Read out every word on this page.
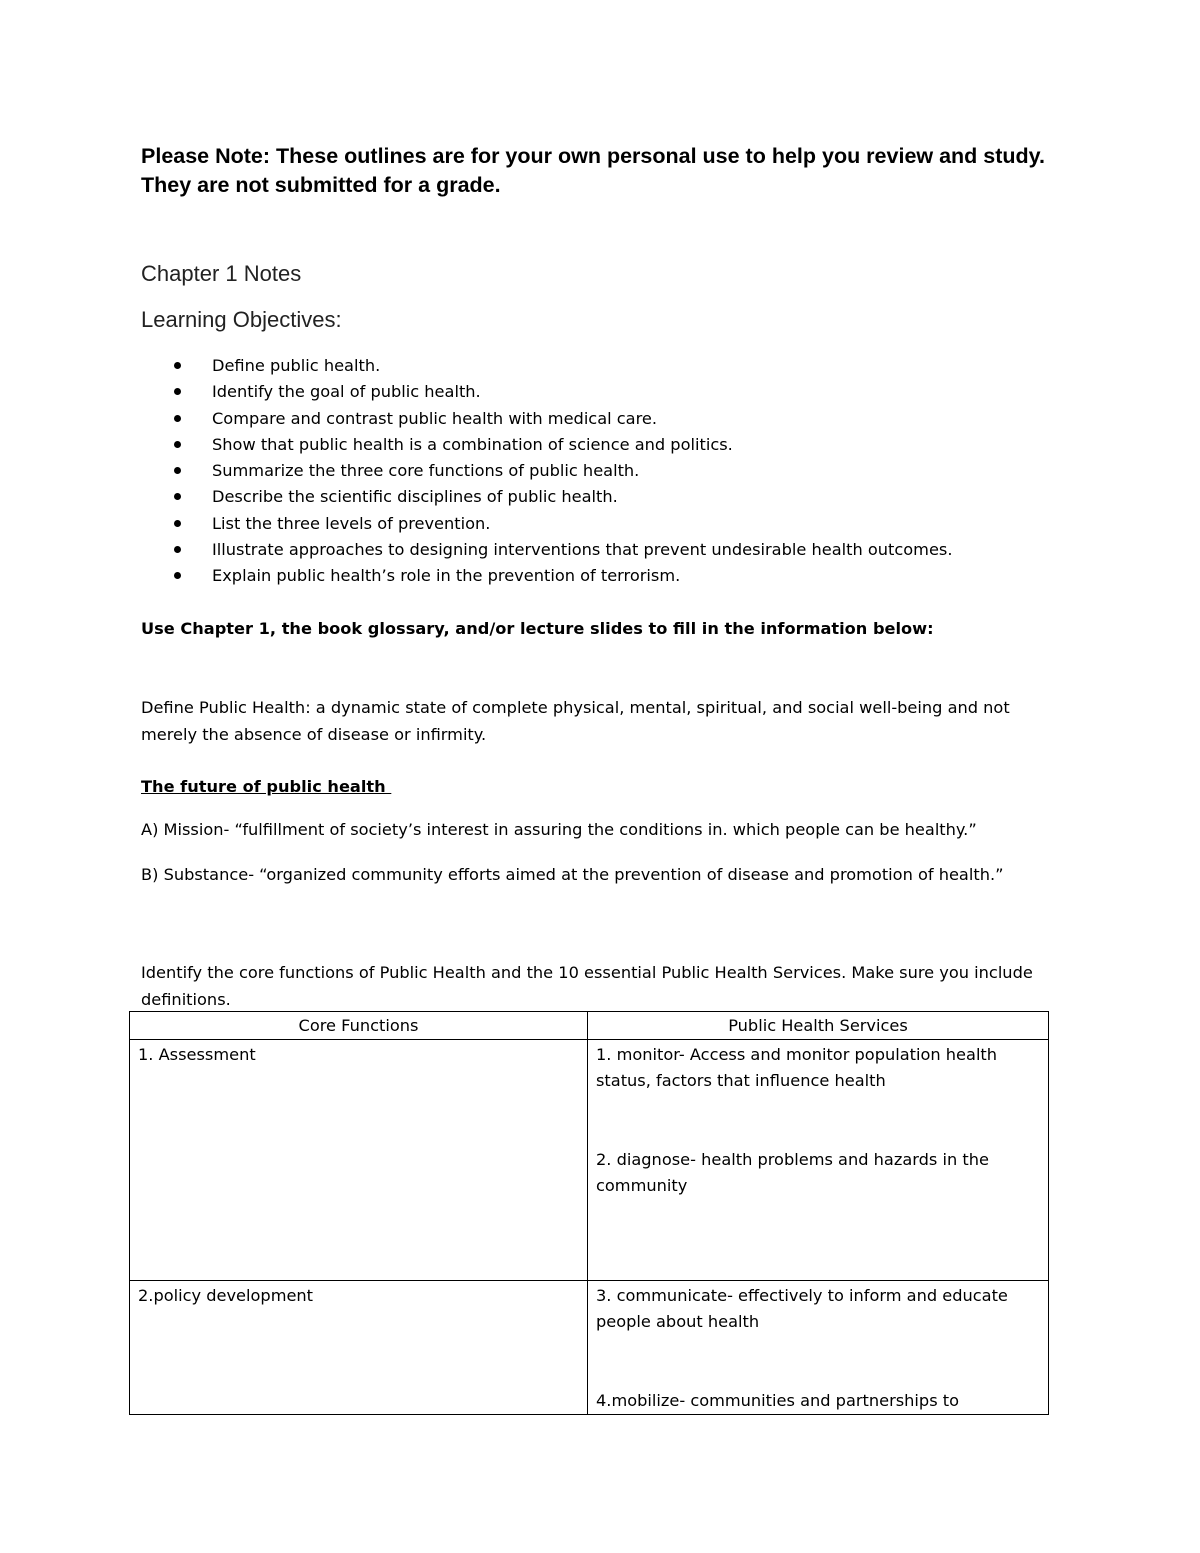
Please Note: These outlines are for your own personal use to help you review and study. They are not submitted for a grade.
Chapter 1 Notes
Learning Objectives:
Define public health.
Identify the goal of public health.
Compare and contrast public health with medical care.
Show that public health is a combination of science and politics.
Summarize the three core functions of public health.
Describe the scientific disciplines of public health.
List the three levels of prevention.
Illustrate approaches to designing interventions that prevent undesirable health outcomes.
Explain public health’s role in the prevention of terrorism.
Use Chapter 1, the book glossary, and/or lecture slides to fill in the information below:
Define Public Health: a dynamic state of complete physical, mental, spiritual, and social well-being and not merely the absence of disease or infirmity.
The future of public health
A) Mission- “fulfillment of society’s interest in assuring the conditions in. which people can be healthy.”
B) Substance- “organized community efforts aimed at the prevention of disease and promotion of health.”
Identify the core functions of Public Health and the 10 essential Public Health Services. Make sure you include definitions.
Core Functions	Public Health Services
1. Assessment	1. monitor- Access and monitor population health status, factors that influence health
2. diagnose- health problems and hazards in the community

2.policy development	3. communicate- effectively to inform and educate people about health
4.mobilize- communities and partnerships to
